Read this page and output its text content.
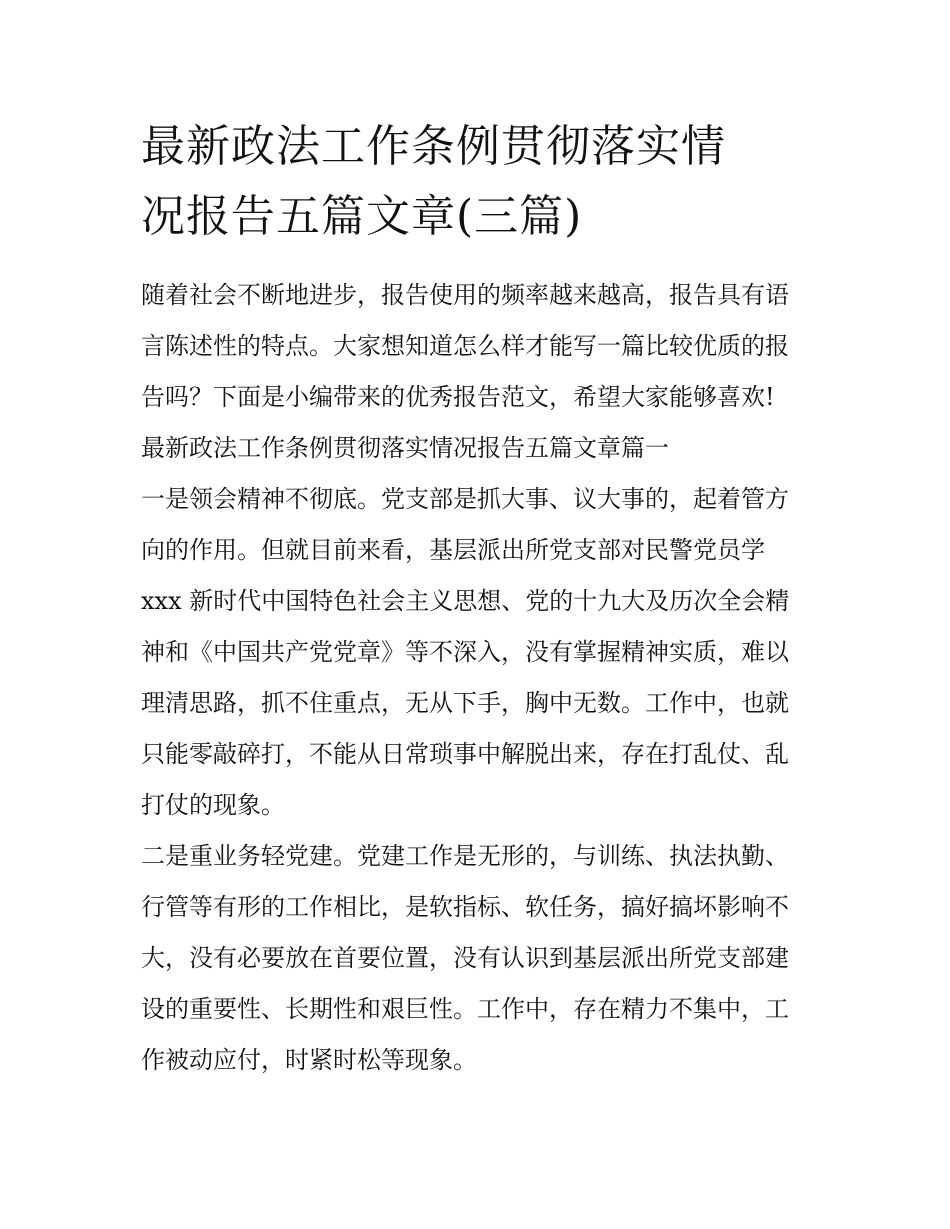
最新政法工作条例贯彻落实情
况报告五篇文章(三篇)

随着社会不断地进步，报告使用的频率越来越高，报告具有语
言陈述性的特点。大家想知道怎么样才能写一篇比较优质的报
告吗？下面是小编带来的优秀报告范文，希望大家能够喜欢!

最新政法工作条例贯彻落实情况报告五篇文章篇一

一是领会精神不彻底。党支部是抓大事、议大事的，起着管方
向的作用。但就目前来看，基层派出所党支部对民警党员学
xxx 新时代中国特色社会主义思想、党的十九大及历次全会精
神和《中国共产党党章》等不深入，没有掌握精神实质，难以
理清思路，抓不住重点，无从下手，胸中无数。工作中，也就
只能零敲碎打，不能从日常琐事中解脱出来，存在打乱仗、乱
打仗的现象。

二是重业务轻党建。党建工作是无形的，与训练、执法执勤、
行管等有形的工作相比，是软指标、软任务，搞好搞坏影响不
大，没有必要放在首要位置，没有认识到基层派出所党支部建
设的重要性、长期性和艰巨性。工作中，存在精力不集中，工
作被动应付，时紧时松等现象。
